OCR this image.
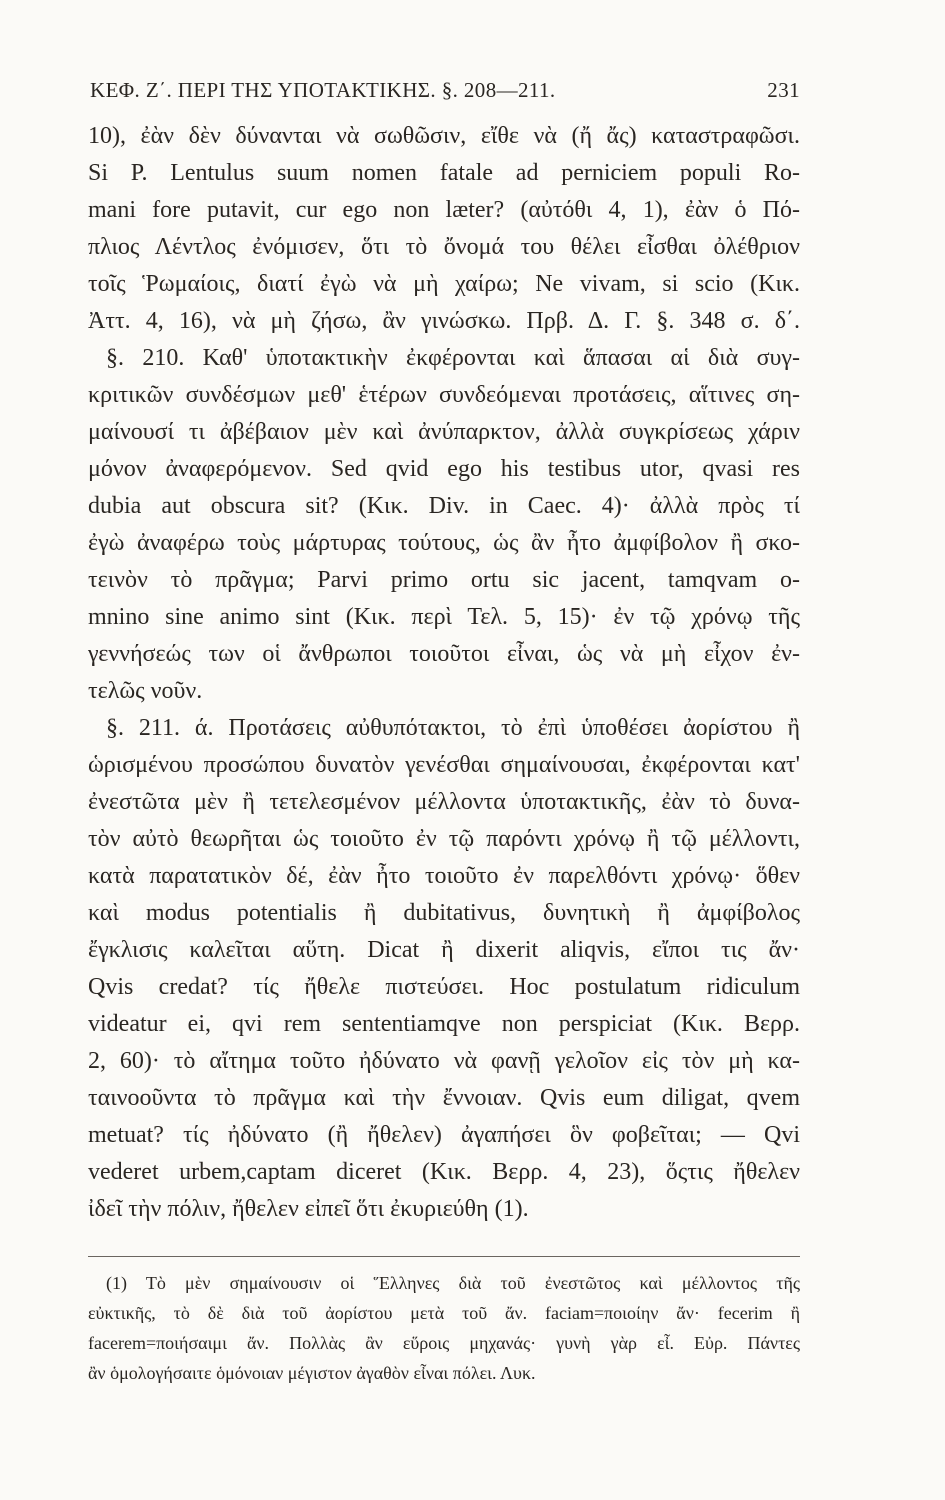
ΚΕΦ. Ζ΄. ΠΕΡΙ ΤΗΣ ΥΠΟΤΑΚΤΙΚΗΣ. §. 208—211.	231
10), ἐὰν δὲν δύνανται νὰ σωθῶσιν, εἴθε νὰ (ἤ ἄς) καταστραφῶσι.
Si P. Lentulus suum nomen fatale ad perniciem populi Ro-
mani fore putavit, cur ego non læter? (αὐτόθι 4, 1), ἐὰν ὁ Πό-
πλιος Λέντλος ἐνόμισεν, ὅτι τὸ ὄνομά του θέλει εἶσθαι ὀλέθριον
τοῖς Ῥωμαίοις, διατί ἐγὼ νὰ μὴ χαίρω; Ne vivam, si scio (Κικ.
Ἀττ. 4, 16), νὰ μὴ ζήσω, ἂν γινώσκω. Πρβ. Δ. Γ. §. 348 σ. δ΄.
§. 210. Καθ' ὑποτακτικὴν ἐκφέρονται καὶ ἅπασαι αἱ διὰ συγ-
κριτικῶν συνδέσμων μεθ' ἑτέρων συνδεόμεναι προτάσεις, αἵτινες ση-
μαίνουσί τι ἀβέβαιον μὲν καὶ ἀνύπαρκτον, ἀλλὰ συγκρίσεως χάριν
μόνον ἀναφερόμενον. Sed qvid ego his testibus utor, qvasi res
dubia aut obscura sit? (Κικ. Div. in Caec. 4)· ἀλλὰ πρὸς τί
ἐγὼ ἀναφέρω τοὺς μάρτυρας τούτους, ὡς ἂν ἦτο ἀμφίβολον ἢ σκο-
τεινὸν τὸ πρᾶγμα; Parvi primo ortu sic jacent, tamqvam o-
mnino sine animo sint (Κικ. περὶ Τελ. 5, 15)· ἐν τῷ χρόνῳ τῆς
γεννήσεώς των οἱ ἄνθρωποι τοιοῦτοι εἶναι, ὡς νὰ μὴ εἶχον ἐν-
τελῶς νοῦν.
§. 211. ά. Προτάσεις αὐθυπότακτοι, τὸ ἐπὶ ὑποθέσει ἀορίστου ἢ
ὡρισμένου προσώπου δυνατὸν γενέσθαι σημαίνουσαι, ἐκφέρονται κατ'
ἐνεστῶτα μὲν ἢ τετελεσμένον μέλλοντα ὑποτακτικῆς, ἐὰν τὸ δυνα-
τὸν αὐτὸ θεωρῆται ὡς τοιοῦτο ἐν τῷ παρόντι χρόνῳ ἢ τῷ μέλλοντι,
κατὰ παρατατικὸν δέ, ἐὰν ἦτο τοιοῦτο ἐν παρελθόντι χρόνῳ· ὅθεν
καὶ modus potentialis ἢ dubitativus, δυνητικὴ ἢ ἀμφίβολος
ἔγκλισις καλεῖται αὕτη. Dicat ἢ dixerit aliqvis, εἴποι τις ἄν·
Qvis credat? τίς ἤθελε πιστεύσει. Hoc postulatum ridiculum
videatur ei, qvi rem sententiamqve non perspiciat (Κικ. Βερρ.
2, 60)· τὸ αἴτημα τοῦτο ἠδύνατο νὰ φανῇ γελοῖον εἰς τὸν μὴ κα-
ταινοοῦντα τὸ πρᾶγμα καὶ τὴν ἔννοιαν. Qvis eum diligat, qvem
metuat? τίς ἠδύνατο (ἢ ἤθελεν) ἀγαπήσει ὃν φοβεῖται; — Qvi
vederet urbem,captam diceret (Κικ. Βερρ. 4, 23), ὅςτις ἤθελεν
ἰδεῖ τὴν πόλιν, ἤθελεν εἰπεῖ ὅτι ἐκυριεύθη (1).
(1) Τὸ μὲν σημαίνουσιν οἱ Ἕλληνες διὰ τοῦ ἐνεστῶτος καὶ μέλλοντος τῆς
εὐκτικῆς, τὸ δὲ διὰ τοῦ ἀορίστου μετὰ τοῦ ἄν. faciam=ποιοίην ἄν· fecerim ἢ
facerem=ποιήσαιμι ἄν. Πολλὰς ἂν εὕροις μηχανάς· γυνὴ γὰρ εἶ. Εὐρ. Πάντες
ἂν ὁμολογήσαιτε ὁμόνοιαν μέγιστον ἀγαθὸν εἶναι πόλει. Λυκ.
